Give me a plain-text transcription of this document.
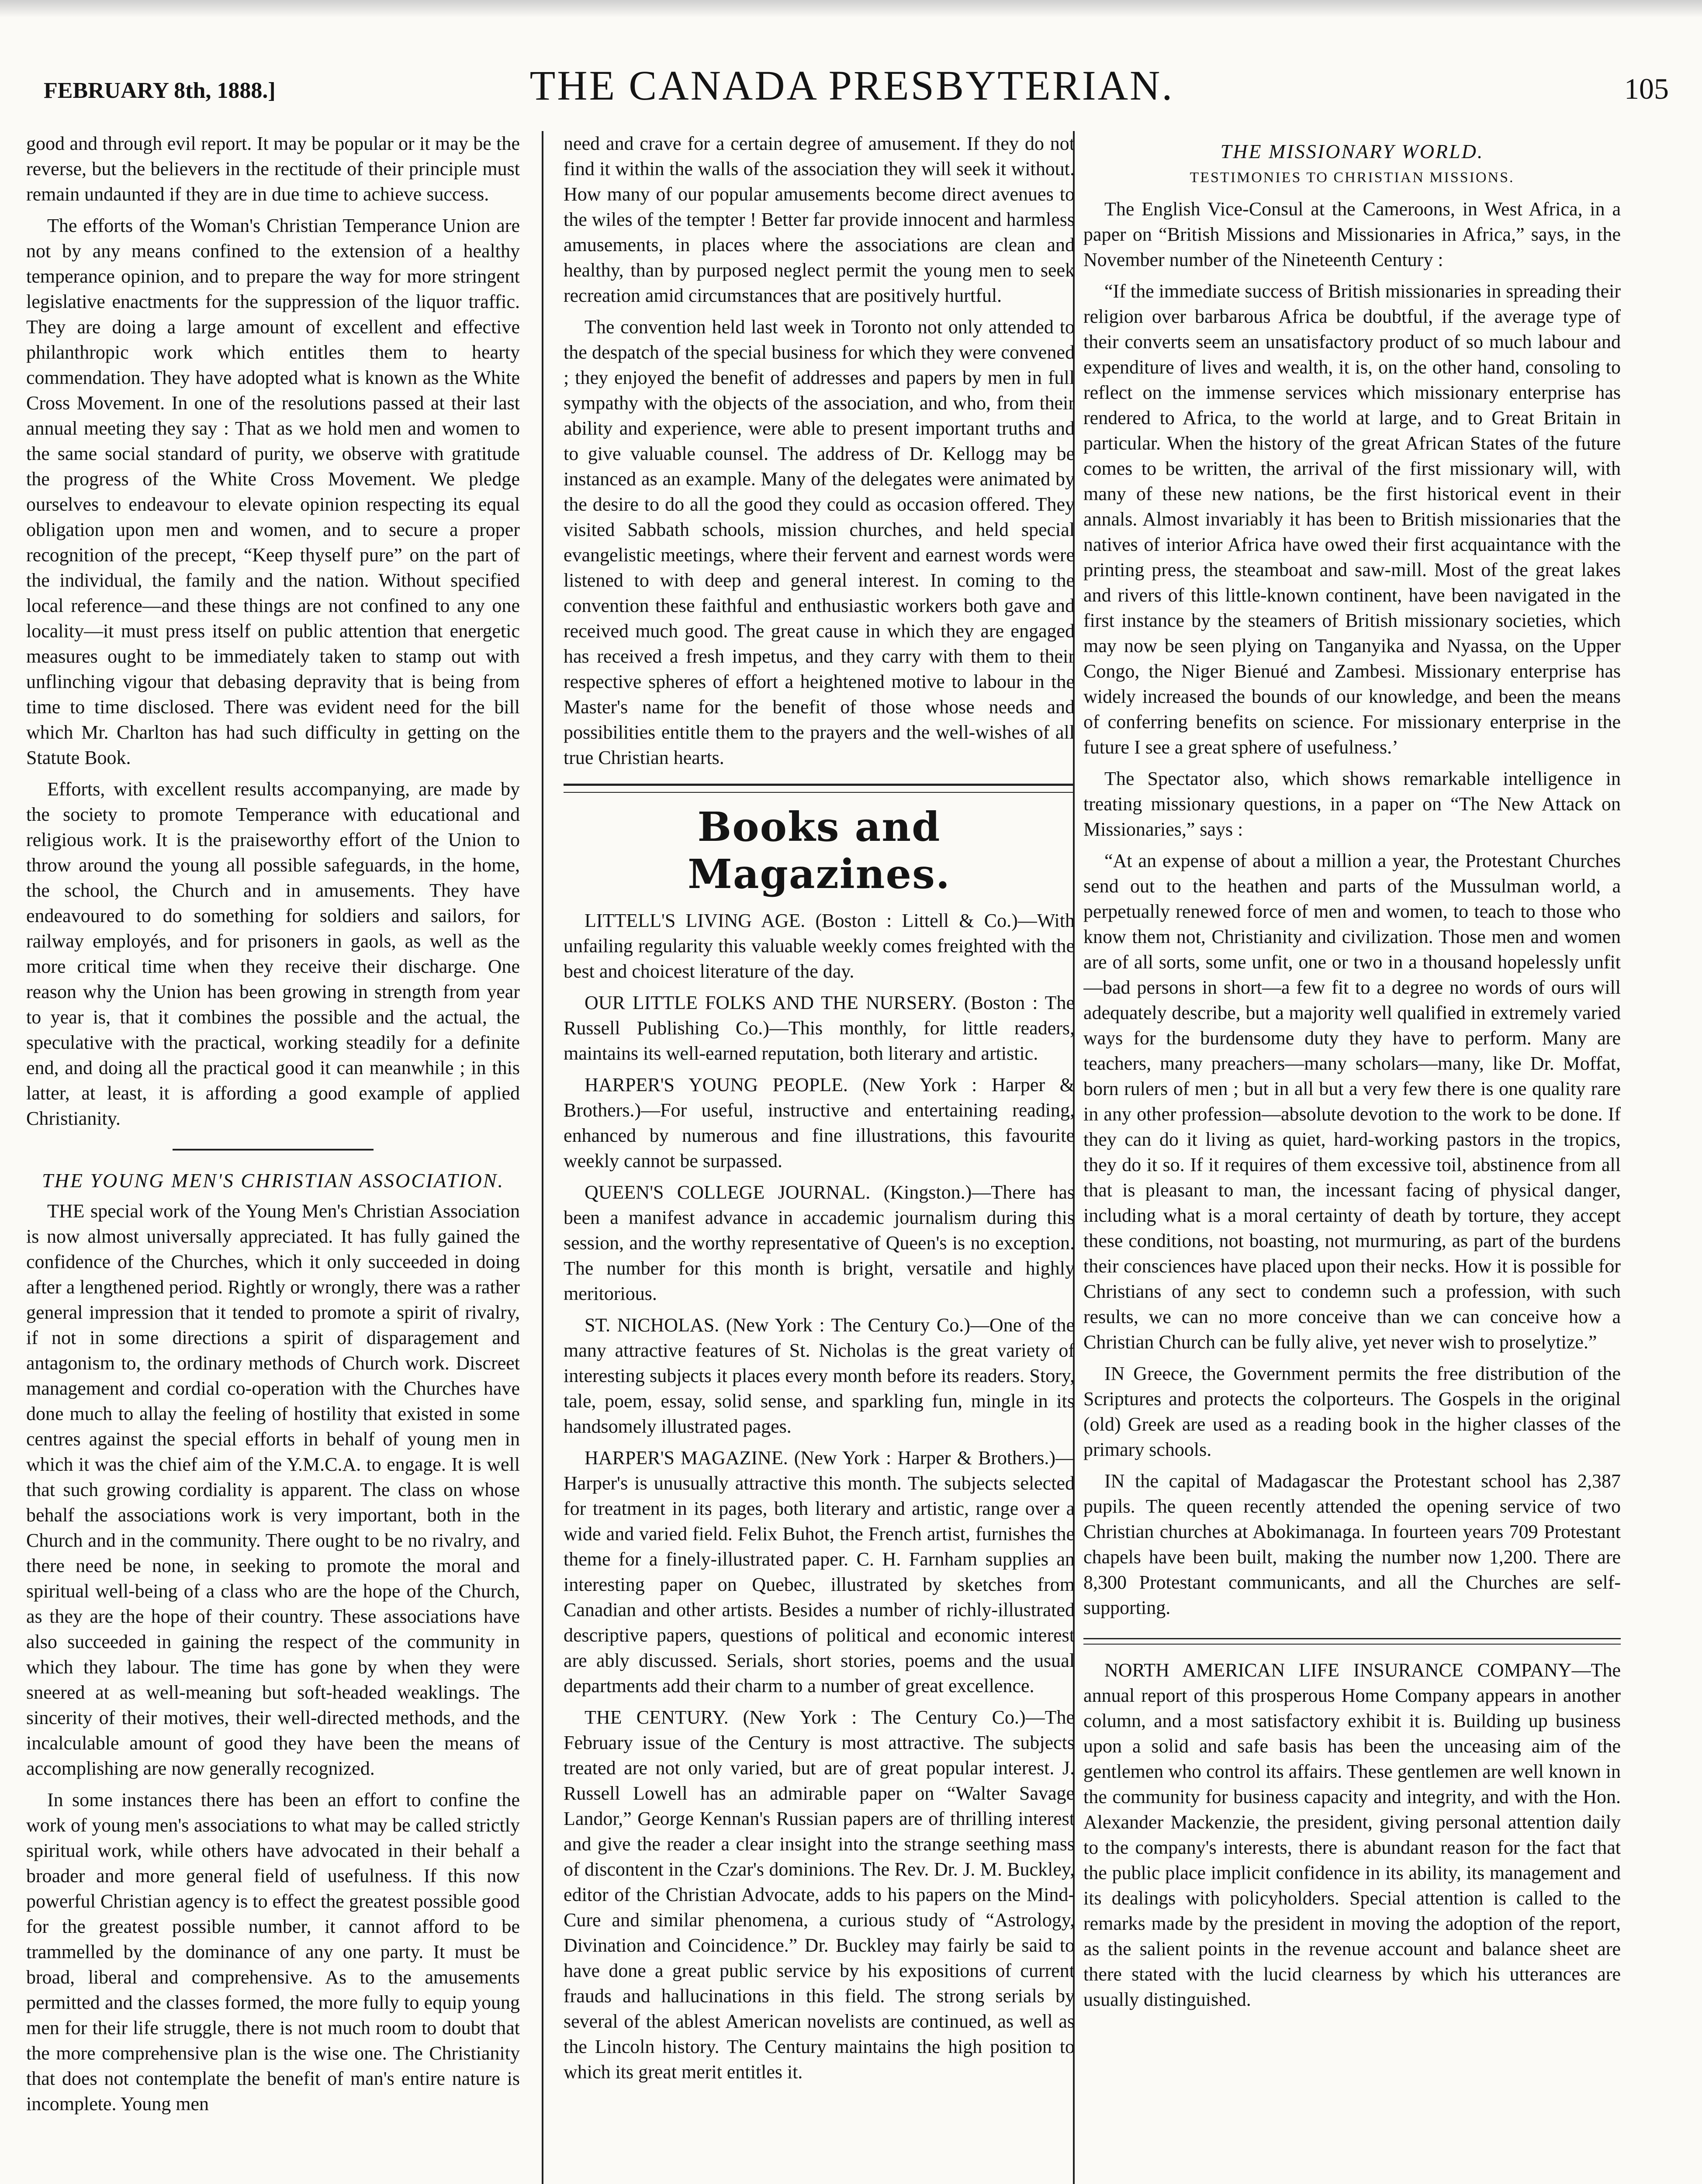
FEBRUARY 8th, 1888.]	THE CANADA PRESBYTERIAN.	105

good and through evil report. It may be popular or it may be the reverse, but the believers in the rectitude of their principle must remain undaunted if they are in due time to achieve success.

The efforts of the Woman's Christian Temperance Union are not by any means confined to the extension of a healthy temperance opinion, and to prepare the way for more stringent legislative enactments for the suppression of the liquor traffic. They are doing a large amount of excellent and effective philanthropic work which entitles them to hearty commendation. They have adopted what is known as the White Cross Movement. In one of the resolutions passed at their last annual meeting they say : That as we hold men and women to the same social standard of purity, we observe with gratitude the progress of the White Cross Movement. We pledge ourselves to endeavour to elevate opinion respecting its equal obligation upon men and women, and to secure a proper recognition of the precept, “Keep thyself pure” on the part of the individual, the family and the nation. Without specified local reference—and these things are not confined to any one locality—it must press itself on public attention that energetic measures ought to be immediately taken to stamp out with unflinching vigour that debasing depravity that is being from time to time disclosed. There was evident need for the bill which Mr. Charlton has had such difficulty in getting on the Statute Book.

Efforts, with excellent results accompanying, are made by the society to promote Temperance with educational and religious work. It is the praiseworthy effort of the Union to throw around the young all possible safeguards, in the home, the school, the Church and in amusements. They have endeavoured to do something for soldiers and sailors, for railway employés, and for prisoners in gaols, as well as the more critical time when they receive their discharge. One reason why the Union has been growing in strength from year to year is, that it combines the possible and the actual, the speculative with the practical, working steadily for a definite end, and doing all the practical good it can meanwhile ; in this latter, at least, it is affording a good example of applied Christianity.

THE YOUNG MEN'S CHRISTIAN ASSOCIATION.

THE special work of the Young Men's Christian Association is now almost universally appreciated. It has fully gained the confidence of the Churches, which it only succeeded in doing after a lengthened period. Rightly or wrongly, there was a rather general impression that it tended to promote a spirit of rivalry, if not in some directions a spirit of disparagement and antagonism to, the ordinary methods of Church work. Discreet management and cordial co-operation with the Churches have done much to allay the feeling of hostility that existed in some centres against the special efforts in behalf of young men in which it was the chief aim of the Y.M.C.A. to engage. It is well that such growing cordiality is apparent. The class on whose behalf the associations work is very important, both in the Church and in the community. There ought to be no rivalry, and there need be none, in seeking to promote the moral and spiritual well-being of a class who are the hope of the Church, as they are the hope of their country. These associations have also succeeded in gaining the respect of the community in which they labour. The time has gone by when they were sneered at as well-meaning but soft-headed weaklings. The sincerity of their motives, their well-directed methods, and the incalculable amount of good they have been the means of accomplishing are now generally recognized.

In some instances there has been an effort to confine the work of young men's associations to what may be called strictly spiritual work, while others have advocated in their behalf a broader and more general field of usefulness. If this now powerful Christian agency is to effect the greatest possible good for the greatest possible number, it cannot afford to be trammelled by the dominance of any one party. It must be broad, liberal and comprehensive. As to the amusements permitted and the classes formed, the more fully to equip young men for their life struggle, there is not much room to doubt that the more comprehensive plan is the wise one. The Christianity that does not contemplate the benefit of man's entire nature is incomplete. Young men

need and crave for a certain degree of amusement. If they do not find it within the walls of the association they will seek it without. How many of our popular amusements become direct avenues to the wiles of the tempter ! Better far provide innocent and harmless amusements, in places where the associations are clean and healthy, than by purposed neglect permit the young men to seek recreation amid circumstances that are positively hurtful.

The convention held last week in Toronto not only attended to the despatch of the special business for which they were convened ; they enjoyed the benefit of addresses and papers by men in full sympathy with the objects of the association, and who, from their ability and experience, were able to present important truths and to give valuable counsel. The address of Dr. Kellogg may be instanced as an example. Many of the delegates were animated by the desire to do all the good they could as occasion offered. They visited Sabbath schools, mission churches, and held special evangelistic meetings, where their fervent and earnest words were listened to with deep and general interest. In coming to the convention these faithful and enthusiastic workers both gave and received much good. The great cause in which they are engaged has received a fresh impetus, and they carry with them to their respective spheres of effort a heightened motive to labour in the Master's name for the benefit of those whose needs and possibilities entitle them to the prayers and the well-wishes of all true Christian hearts.

Books and Magazines.

LITTELL'S LIVING AGE. (Boston : Littell & Co.)—With unfailing regularity this valuable weekly comes freighted with the best and choicest literature of the day.

OUR LITTLE FOLKS AND THE NURSERY. (Boston : The Russell Publishing Co.)—This monthly, for little readers, maintains its well-earned reputation, both literary and artistic.

HARPER'S YOUNG PEOPLE. (New York : Harper & Brothers.)—For useful, instructive and entertaining reading, enhanced by numerous and fine illustrations, this favourite weekly cannot be surpassed.

QUEEN'S COLLEGE JOURNAL. (Kingston.)—There has been a manifest advance in accademic journalism during this session, and the worthy representative of Queen's is no exception. The number for this month is bright, versatile and highly meritorious.

ST. NICHOLAS. (New York : The Century Co.)—One of the many attractive features of St. Nicholas is the great variety of interesting subjects it places every month before its readers. Story, tale, poem, essay, solid sense, and sparkling fun, mingle in its handsomely illustrated pages.

HARPER'S MAGAZINE. (New York : Harper & Brothers.)—Harper's is unusually attractive this month. The subjects selected for treatment in its pages, both literary and artistic, range over a wide and varied field. Felix Buhot, the French artist, furnishes the theme for a finely-illustrated paper. C. H. Farnham supplies an interesting paper on Quebec, illustrated by sketches from Canadian and other artists. Besides a number of richly-illustrated descriptive papers, questions of political and economic interest are ably discussed. Serials, short stories, poems and the usual departments add their charm to a number of great excellence.

THE CENTURY. (New York : The Century Co.)—The February issue of the Century is most attractive. The subjects treated are not only varied, but are of great popular interest. J. Russell Lowell has an admirable paper on “Walter Savage Landor,” George Kennan's Russian papers are of thrilling interest and give the reader a clear insight into the strange seething mass of discontent in the Czar's dominions. The Rev. Dr. J. M. Buckley, editor of the Christian Advocate, adds to his papers on the Mind-Cure and similar phenomena, a curious study of “Astrology, Divination and Coincidence.” Dr. Buckley may fairly be said to have done a great public service by his expositions of current frauds and hallucinations in this field. The strong serials by several of the ablest American novelists are continued, as well as the Lincoln history. The Century maintains the high position to which its great merit entitles it.

THE MISSIONARY WORLD.
TESTIMONIES TO CHRISTIAN MISSIONS.

The English Vice-Consul at the Cameroons, in West Africa, in a paper on “British Missions and Missionaries in Africa,” says, in the November number of the Nineteenth Century :

“If the immediate success of British missionaries in spreading their religion over barbarous Africa be doubtful, if the average type of their converts seem an unsatisfactory product of so much labour and expenditure of lives and wealth, it is, on the other hand, consoling to reflect on the immense services which missionary enterprise has rendered to Africa, to the world at large, and to Great Britain in particular. When the history of the great African States of the future comes to be written, the arrival of the first missionary will, with many of these new nations, be the first historical event in their annals. Almost invariably it has been to British missionaries that the natives of interior Africa have owed their first acquaintance with the printing press, the steamboat and saw-mill. Most of the great lakes and rivers of this little-known continent, have been navigated in the first instance by the steamers of British missionary societies, which may now be seen plying on Tanganyika and Nyassa, on the Upper Congo, the Niger Bienué and Zambesi. Missionary enterprise has widely increased the bounds of our knowledge, and been the means of conferring benefits on science. For missionary enterprise in the future I see a great sphere of usefulness.’

The Spectator also, which shows remarkable intelligence in treating missionary questions, in a paper on “The New Attack on Missionaries,” says :

“At an expense of about a million a year, the Protestant Churches send out to the heathen and parts of the Mussulman world, a perpetually renewed force of men and women, to teach to those who know them not, Christianity and civilization. Those men and women are of all sorts, some unfit, one or two in a thousand hopelessly unfit—bad persons in short—a few fit to a degree no words of ours will adequately describe, but a majority well qualified in extremely varied ways for the burdensome duty they have to perform. Many are teachers, many preachers—many scholars—many, like Dr. Moffat, born rulers of men ; but in all but a very few there is one quality rare in any other profession—absolute devotion to the work to be done. If they can do it living as quiet, hard-working pastors in the tropics, they do it so. If it requires of them excessive toil, abstinence from all that is pleasant to man, the incessant facing of physical danger, including what is a moral certainty of death by torture, they accept these conditions, not boasting, not murmuring, as part of the burdens their consciences have placed upon their necks. How it is possible for Christians of any sect to condemn such a profession, with such results, we can no more conceive than we can conceive how a Christian Church can be fully alive, yet never wish to proselytize.”

IN Greece, the Government permits the free distribution of the Scriptures and protects the colporteurs. The Gospels in the original (old) Greek are used as a reading book in the higher classes of the primary schools.

IN the capital of Madagascar the Protestant school has 2,387 pupils. The queen recently attended the opening service of two Christian churches at Abokimanaga. In fourteen years 709 Protestant chapels have been built, making the number now 1,200. There are 8,300 Protestant communicants, and all the Churches are self-supporting.

NORTH AMERICAN LIFE INSURANCE COMPANY—The annual report of this prosperous Home Company appears in another column, and a most satisfactory exhibit it is. Building up business upon a solid and safe basis has been the unceasing aim of the gentlemen who control its affairs. These gentlemen are well known in the community for business capacity and integrity, and with the Hon. Alexander Mackenzie, the president, giving personal attention daily to the company's interests, there is abundant reason for the fact that the public place implicit confidence in its ability, its management and its dealings with policyholders. Special attention is called to the remarks made by the president in moving the adoption of the report, as the salient points in the revenue account and balance sheet are there stated with the lucid clearness by which his utterances are usually distinguished.
